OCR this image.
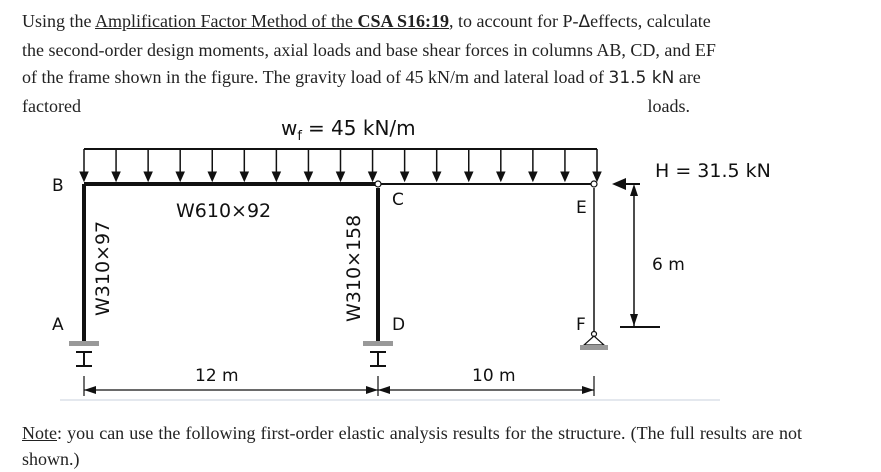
Using the Amplification Factor Method of the CSA S16:19, to account for P-Δeffects, calculate
the second-order design moments, axial loads and base shear forces in columns AB, CD, and EF
of the frame shown in the figure. The gravity load of 45 kN/m and lateral load of 31.5 kN are
factored	loads.
$w_f = 45$ kN/m
B
A
C
D
E
F
W610×92
W310×97	W310×158
H = 31.5 kN
6 m
12 m	10 m
Note: you can use the following first-order elastic analysis results for the structure. (The full results are not shown.)
